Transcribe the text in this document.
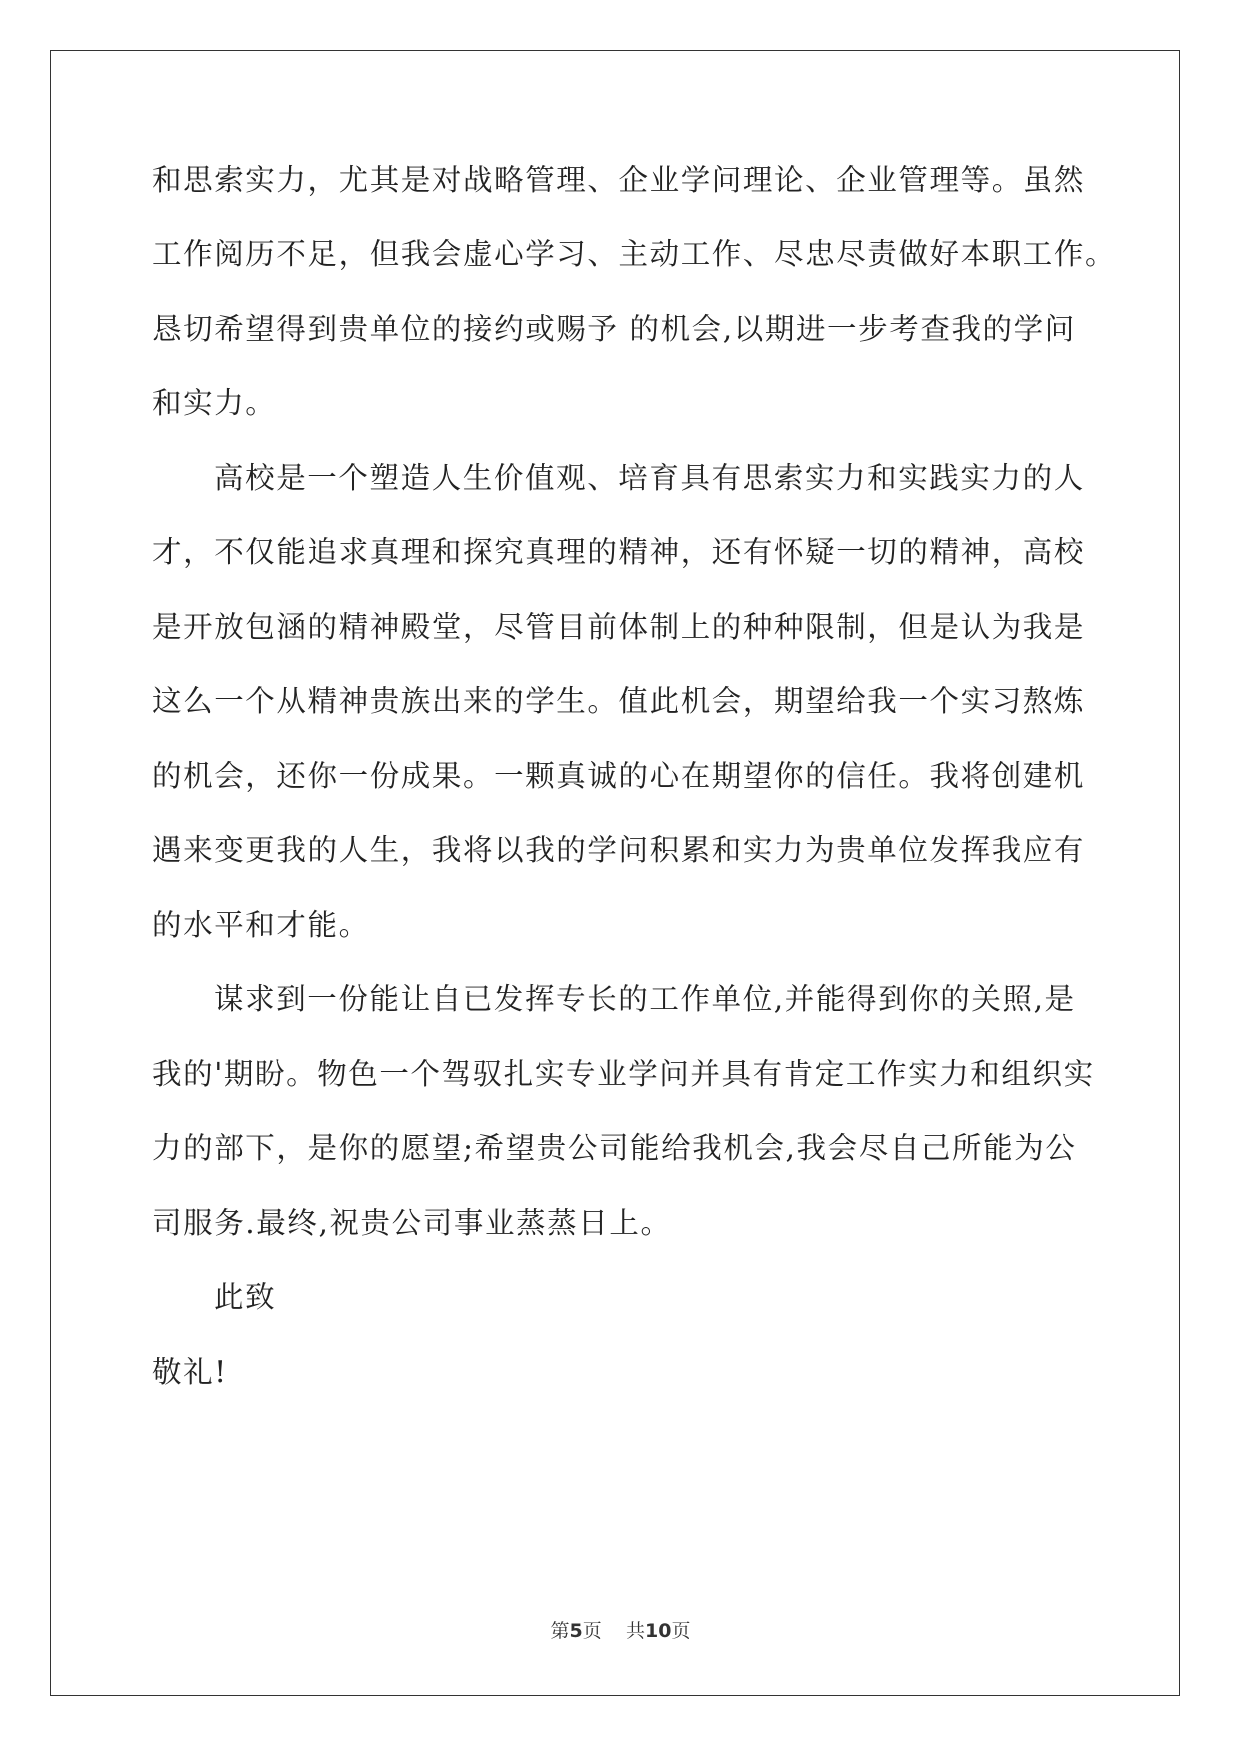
和思索实力，尤其是对战略管理、企业学问理论、企业管理等。虽然
工作阅历不足，但我会虚心学习、主动工作、尽忠尽责做好本职工作。
恳切希望得到贵单位的接约或赐予 的机会,以期进一步考查我的学问
和实力。
高校是一个塑造人生价值观、培育具有思索实力和实践实力的人
才，不仅能追求真理和探究真理的精神，还有怀疑一切的精神，高校
是开放包涵的精神殿堂，尽管目前体制上的种种限制，但是认为我是
这么一个从精神贵族出来的学生。值此机会，期望给我一个实习熬炼
的机会，还你一份成果。一颗真诚的心在期望你的信任。我将创建机
遇来变更我的人生，我将以我的学问积累和实力为贵单位发挥我应有
的水平和才能。
谋求到一份能让自已发挥专长的工作单位,并能得到你的关照,是
我的'期盼。物色一个驾驭扎实专业学问并具有肯定工作实力和组织实
力的部下，是你的愿望;希望贵公司能给我机会,我会尽自己所能为公
司服务.最终,祝贵公司事业蒸蒸日上。
此致
敬礼!
第5页 共10页
